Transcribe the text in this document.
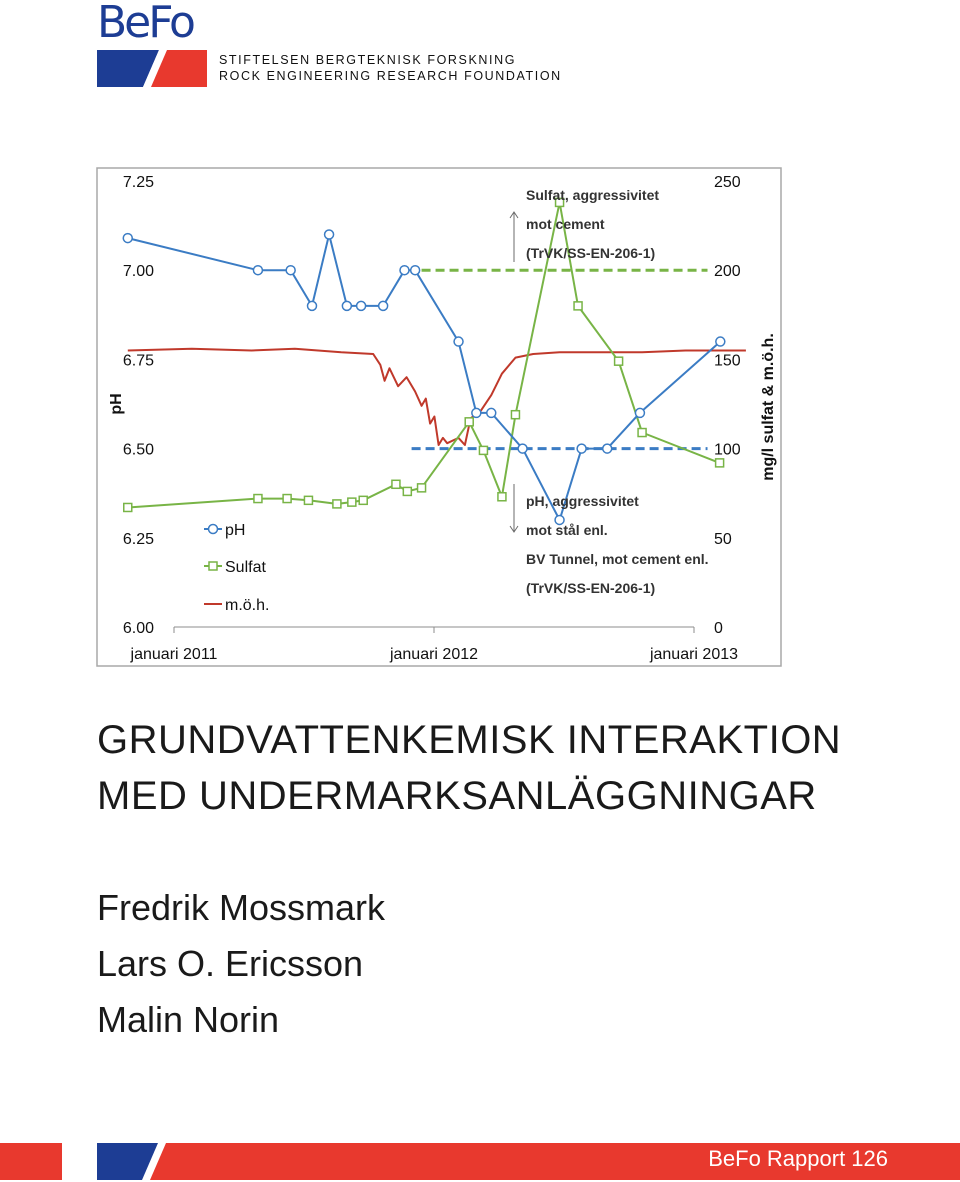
BeFo
STIFTELSEN BERGTEKNISK FORSKNING
ROCK ENGINEERING RESEARCH FOUNDATION
6.00
6.25
6.50
6.75
7.00
7.25
0
50
100
150
200
250
januari 2011	januari 2012	januari 2013
pH	mg/l sulfat & m.ö.h.
pH
Sulfat
m.ö.h.
Sulfat, aggressivitet
mot cement
(TrVK/SS-EN-206-1)
pH, aggressivitet
mot stål enl.
BV Tunnel, mot cement enl.
(TrVK/SS-EN-206-1)
GRUNDVATTENKEMISK INTERAKTION
MED UNDERMARKSANLÄGGNINGAR
Fredrik Mossmark
Lars O. Ericsson
Malin Norin
BeFo Rapport 126
